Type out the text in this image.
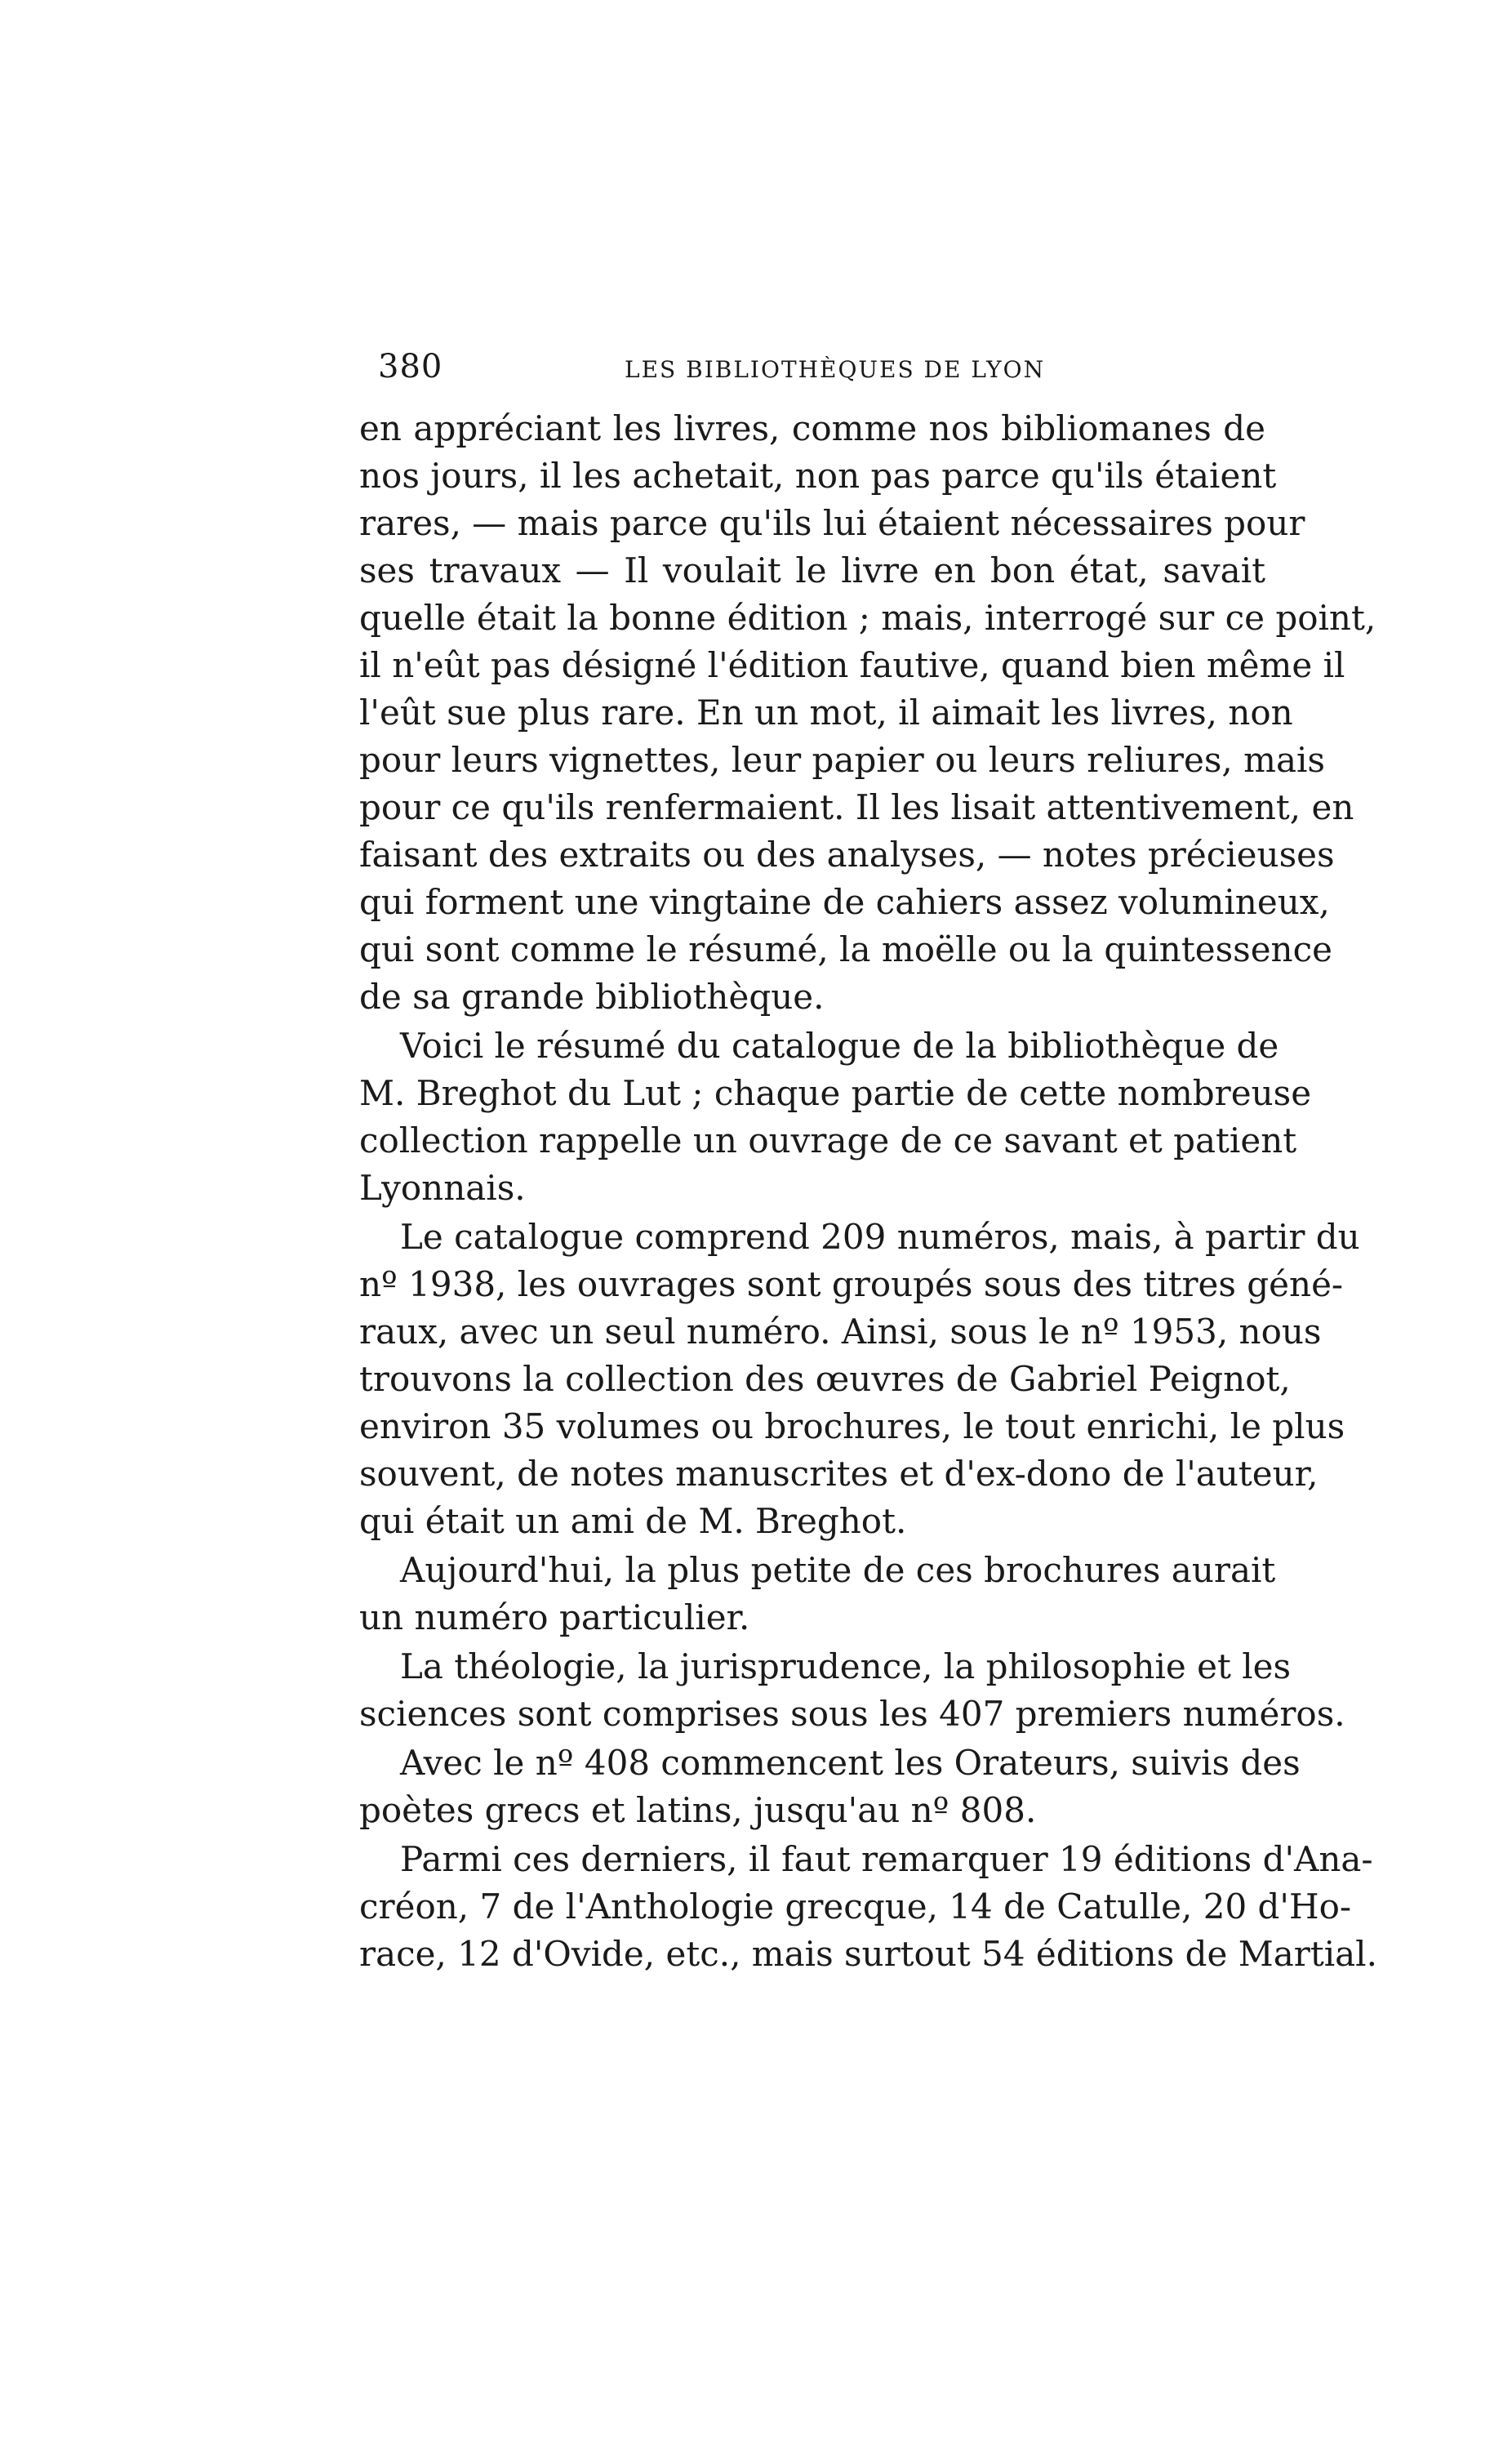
380	LES BIBLIOTHÈQUES DE LYON
en appréciant les livres, comme nos bibliomanes de
nos jours, il les achetait, non pas parce qu'ils étaient
rares, — mais parce qu'ils lui étaient nécessaires pour
ses travaux — Il voulait le livre en bon état, savait
quelle était la bonne édition ; mais, interrogé sur ce point,
il n'eût pas désigné l'édition fautive, quand bien même il
l'eût sue plus rare. En un mot, il aimait les livres, non
pour leurs vignettes, leur papier ou leurs reliures, mais
pour ce qu'ils renfermaient. Il les lisait attentivement, en
faisant des extraits ou des analyses, — notes précieuses
qui forment une vingtaine de cahiers assez volumineux,
qui sont comme le résumé, la moëlle ou la quintessence
de sa grande bibliothèque.
Voici le résumé du catalogue de la bibliothèque de
M. Breghot du Lut ; chaque partie de cette nombreuse
collection rappelle un ouvrage de ce savant et patient
Lyonnais.
Le catalogue comprend 209 numéros, mais, à partir du
nº 1938, les ouvrages sont groupés sous des titres géné-
raux, avec un seul numéro. Ainsi, sous le nº 1953, nous
trouvons la collection des œuvres de Gabriel Peignot,
environ 35 volumes ou brochures, le tout enrichi, le plus
souvent, de notes manuscrites et d'ex-dono de l'auteur,
qui était un ami de M. Breghot.
Aujourd'hui, la plus petite de ces brochures aurait
un numéro particulier.
La théologie, la jurisprudence, la philosophie et les
sciences sont comprises sous les 407 premiers numéros.
Avec le nº 408 commencent les Orateurs, suivis des
poètes grecs et latins, jusqu'au nº 808.
Parmi ces derniers, il faut remarquer 19 éditions d'Ana-
créon, 7 de l'Anthologie grecque, 14 de Catulle, 20 d'Ho-
race, 12 d'Ovide, etc., mais surtout 54 éditions de Martial.
